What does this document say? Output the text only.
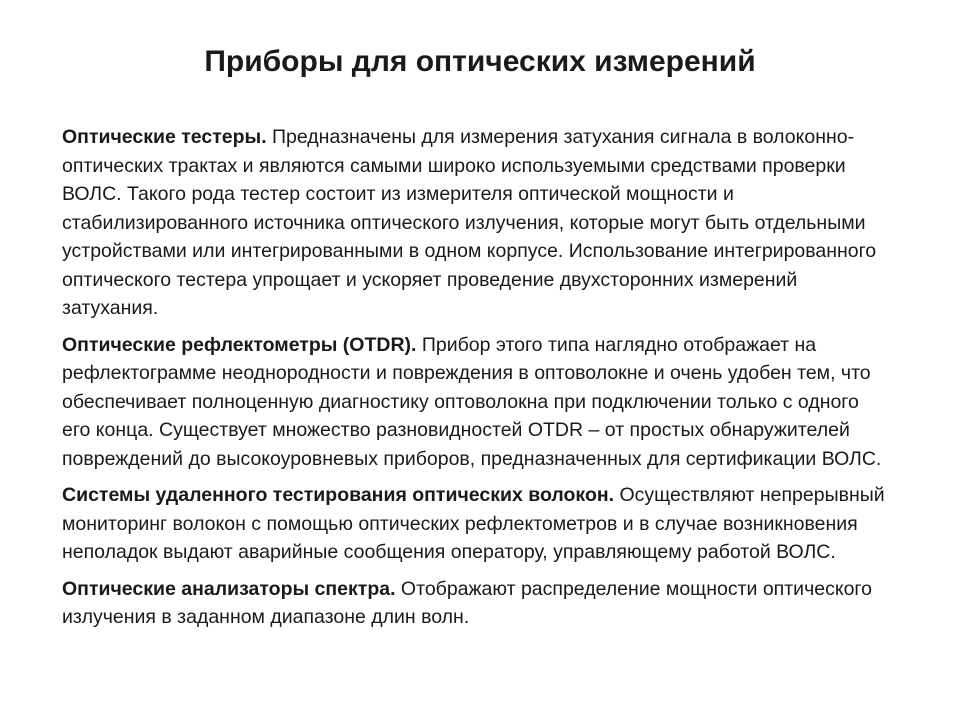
Приборы для оптических измерений

Оптические тестеры. Предназначены для измерения затухания сигнала в волоконно-оптических трактах и являются самыми широко используемыми средствами проверки ВОЛС. Такого рода тестер состоит из измерителя оптической мощности и стабилизированного источника оптического излучения, которые могут быть отдельными устройствами или интегрированными в одном корпусе. Использование интегрированного оптического тестера упрощает и ускоряет проведение двухсторонних измерений затухания.

Оптические рефлектометры (OTDR). Прибор этого типа наглядно отображает на рефлектограмме неоднородности и повреждения в оптоволокне и очень удобен тем, что обеспечивает полноценную диагностику оптоволокна при подключении только с одного его конца. Существует множество разновидностей OTDR – от простых обнаружителей повреждений до высокоуровневых приборов, предназначенных для сертификации ВОЛС.

Системы удаленного тестирования оптических волокон. Осуществляют непрерывный мониторинг волокон с помощью оптических рефлектометров и в случае возникновения неполадок выдают аварийные сообщения оператору, управляющему работой ВОЛС.

Оптические анализаторы спектра. Отображают распределение мощности оптического излучения в заданном диапазоне длин волн.
